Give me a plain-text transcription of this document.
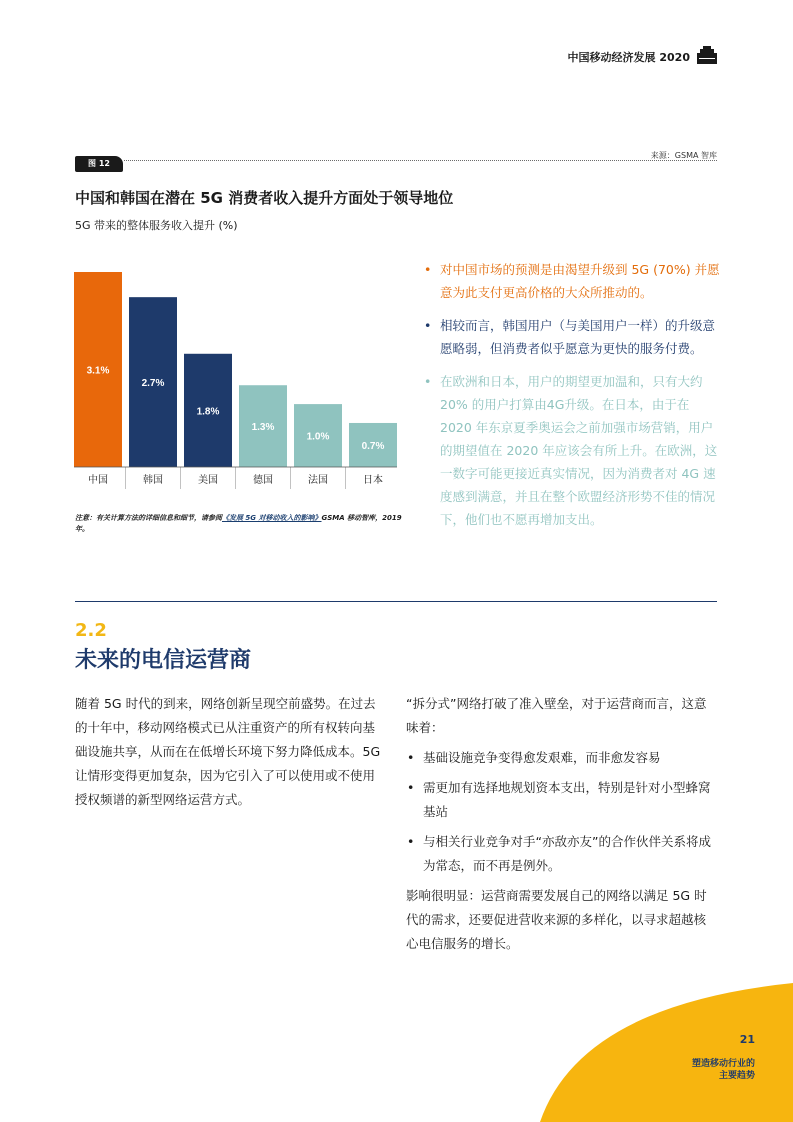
中国移动经济发展 2020
来源：GSMA 智库
图 12
中国和韩国在潜在 5G 消费者收入提升方面处于领导地位
5G 带来的整体服务收入提升 (%)
3.1%
中国
2.7%
韩国
1.8%
美国
1.3%
德国
1.0%
法国
0.7%
日本
注意：有关计算方法的详细信息和细节，请参阅《发展 5G 对移动收入的影响》GSMA 移动智库，2019 年。
• 对中国市场的预测是由渴望升级到 5G (70%) 并愿意为此支付更高价格的大众所推动的。
• 相较而言，韩国用户（与美国用户一样）的升级意愿略弱，但消费者似乎愿意为更快的服务付费。
• 在欧洲和日本，用户的期望更加温和，只有大约 20% 的用户打算由4G升级。在日本，由于在 2020 年东京夏季奥运会之前加强市场营销，用户的期望值在 2020 年应该会有所上升。在欧洲，这一数字可能更接近真实情况，因为消费者对 4G 速度感到满意，并且在整个欧盟经济形势不佳的情况下，他们也不愿再增加支出。
2.2
未来的电信运营商
随着 5G 时代的到来，网络创新呈现空前盛势。在过去的十年中，移动网络模式已从注重资产的所有权转向基础设施共享，从而在在低增长环境下努力降低成本。5G 让情形变得更加复杂，因为它引入了可以使用或不使用授权频谱的新型网络运营方式。

“拆分式”网络打破了准入壁垒，对于运营商而言，这意味着：

• 基础设施竞争变得愈发艰难，而非愈发容易
• 需更加有选择地规划资本支出，特别是针对小型蜂窝基站
• 与相关行业竞争对手“亦敌亦友”的合作伙伴关系将成为常态，而不再是例外。

影响很明显：运营商需要发展自己的网络以满足 5G 时代的需求，还要促进营收来源的多样化，以寻求超越核心电信服务的增长。

21
塑造移动行业的
主要趋势
